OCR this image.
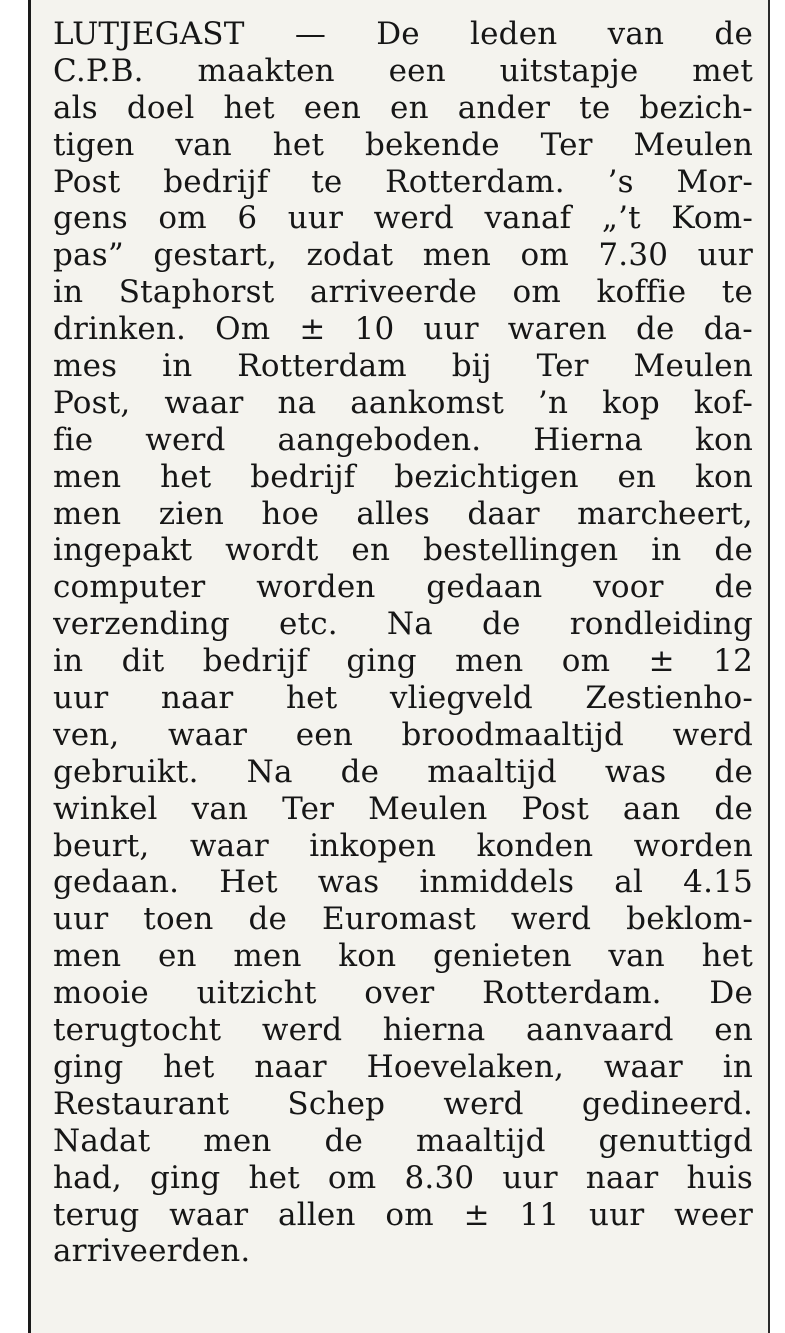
LUTJEGAST — De leden van de
C.P.B. maakten een uitstapje met
als doel het een en ander te bezich-
tigen van het bekende Ter Meulen
Post bedrijf te Rotterdam. ’s Mor-
gens om 6 uur werd vanaf „’t Kom-
pas” gestart, zodat men om 7.30 uur
in Staphorst arriveerde om koffie te
drinken. Om ± 10 uur waren de da-
mes in Rotterdam bij Ter Meulen
Post, waar na aankomst ’n kop kof-
fie werd aangeboden. Hierna kon
men het bedrijf bezichtigen en kon
men zien hoe alles daar marcheert,
ingepakt wordt en bestellingen in de
computer worden gedaan voor de
verzending etc. Na de rondleiding
in dit bedrijf ging men om ± 12
uur naar het vliegveld Zestienho-
ven, waar een broodmaaltijd werd
gebruikt. Na de maaltijd was de
winkel van Ter Meulen Post aan de
beurt, waar inkopen konden worden
gedaan. Het was inmiddels al 4.15
uur toen de Euromast werd beklom-
men en men kon genieten van het
mooie uitzicht over Rotterdam. De
terugtocht werd hierna aanvaard en
ging het naar Hoevelaken, waar in
Restaurant Schep werd gedineerd.
Nadat men de maaltijd genuttigd
had, ging het om 8.30 uur naar huis
terug waar allen om ± 11 uur weer
arriveerden.
